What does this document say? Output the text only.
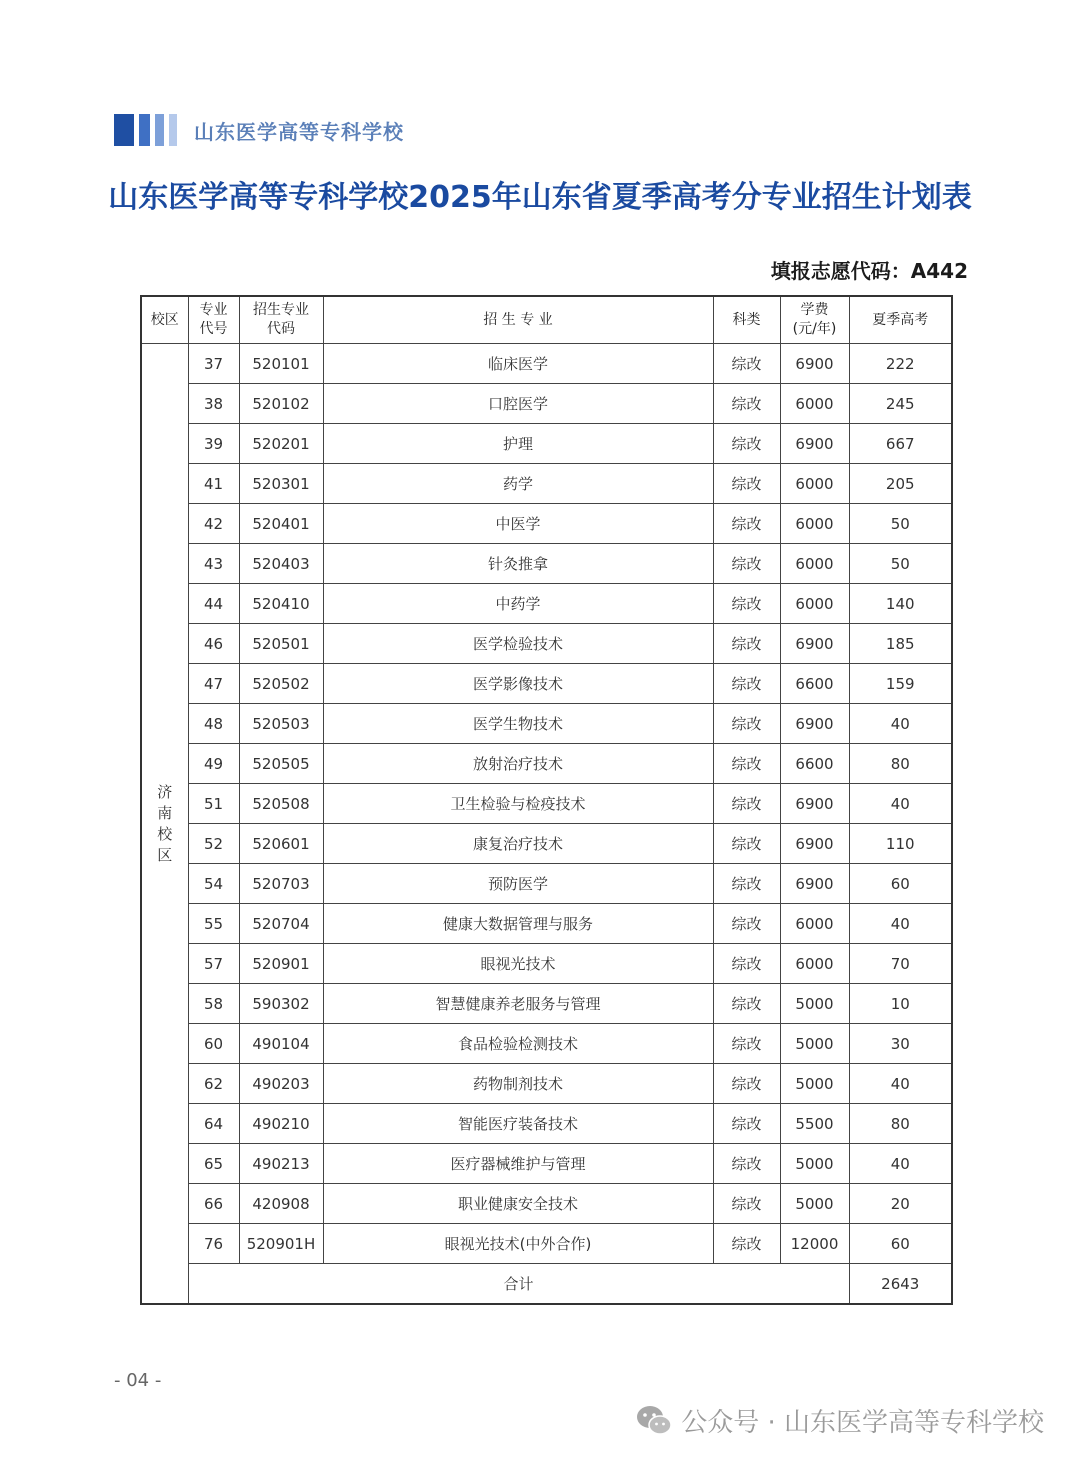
山东医学高等专科学校
山东医学高等专科学校2025年山东省夏季高考分专业招生计划表
填报志愿代码：A442
校区	专业代号	招生专业代码	招 生 专 业	科类	学费(元/年)	夏季高考
济南校区	37	520101	临床医学	综改	6900	222
	38	520102	口腔医学	综改	6000	245
	39	520201	护理	综改	6900	667
	41	520301	药学	综改	6000	205
	42	520401	中医学	综改	6000	50
	43	520403	针灸推拿	综改	6000	50
	44	520410	中药学	综改	6000	140
	46	520501	医学检验技术	综改	6900	185
	47	520502	医学影像技术	综改	6600	159
	48	520503	医学生物技术	综改	6900	40
	49	520505	放射治疗技术	综改	6600	80
	51	520508	卫生检验与检疫技术	综改	6900	40
	52	520601	康复治疗技术	综改	6900	110
	54	520703	预防医学	综改	6900	60
	55	520704	健康大数据管理与服务	综改	6000	40
	57	520901	眼视光技术	综改	6000	70
	58	590302	智慧健康养老服务与管理	综改	5000	10
	60	490104	食品检验检测技术	综改	5000	30
	62	490203	药物制剂技术	综改	5000	40
	64	490210	智能医疗装备技术	综改	5500	80
	65	490213	医疗器械维护与管理	综改	5000	40
	66	420908	职业健康安全技术	综改	5000	20
	76	520901H	眼视光技术(中外合作)	综改	12000	60
	合计					2643
- 04 -
公众号 · 山东医学高等专科学校
